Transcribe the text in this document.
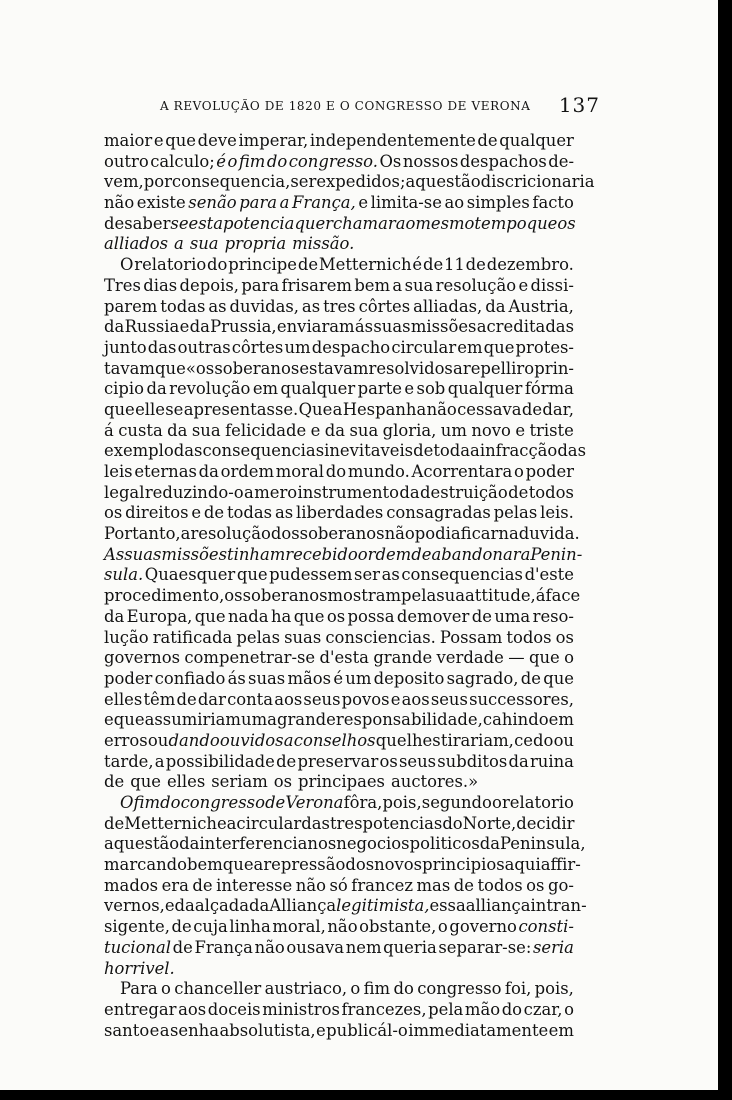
A REVOLUÇÃO DE 1820 E O CONGRESSO DE VERONA 137
maior e que deve imperar, independentemente de qualquer
outro calculo; é o fim do congresso. Os nossos despachos de-
vem, por consequencia, ser expedidos; a questão discricionaria
não existe senão para a França, e limita-se ao simples facto
de saber se esta potencia quer chamar ao mesmo tempo que os
alliados a sua propria missão.
O relatorio do principe de Metternich é de 11 de dezembro.
Tres dias depois, para frisarem bem a sua resolução e dissi-
parem todas as duvidas, as tres côrtes alliadas, da Austria,
da Russia e da Prussia, enviaram ás suas missões acreditadas
junto das outras côrtes um despacho circular em que protes-
tavam que «os soberanos estavam resolvidos a repellir o prin-
cipio da revolução em qualquer parte e sob qualquer fórma
que elle se apresentasse. Que a Hespanha não cessava de dar,
á custa da sua felicidade e da sua gloria, um novo e triste
exemplo das consequencias inevitaveis de toda a infracção das
leis eternas da ordem moral do mundo. Acorrentara o poder
legal reduzindo-o a mero instrumento da destruição de todos
os direitos e de todas as liberdades consagradas pelas leis.
Portanto, a resolução dos soberanos não podia ficar na duvida.
As suas missões tinham recebido ordem de abandonar a Penin-
sula. Quaesquer que pudessem ser as consequencias d'este
procedimento, os soberanos mostram pela sua attitude, á face
da Europa, que nada ha que os possa demover de uma reso-
lução ratificada pelas suas consciencias. Possam todos os
governos compenetrar-se d'esta grande verdade — que o
poder confiado ás suas mãos é um deposito sagrado, de que
elles têm de dar conta aos seus povos e aos seus successores,
e que assumiriam uma grande responsabilidade, cahindo em
erros ou dando ouvidos a conselhos que lhes tirariam, cedo ou
tarde, a possibilidade de preservar os seus subditos da ruina
de que elles seriam os principaes auctores.»
O fim do congresso de Verona fôra, pois, segundo o relatorio
de Metternich e a circular das tres potencias do Norte, decidir
a questão da interferencia nos negocios politicos da Peninsula,
marcando bem que a repressão dos novos principios aqui affir-
mados era de interesse não só francez mas de todos os go-
vernos, e da alçada da Alliança legitimista, essa alliança intran-
sigente, de cuja linha moral, não obstante, o governo consti-
tucional de França não ousava nem queria separar-se: seria
horrivel.
Para o chanceller austriaco, o fim do congresso foi, pois,
entregar aos doceis ministros francezes, pela mão do czar, o
santo e a senha absolutista, e publicál-o immediatamente em
